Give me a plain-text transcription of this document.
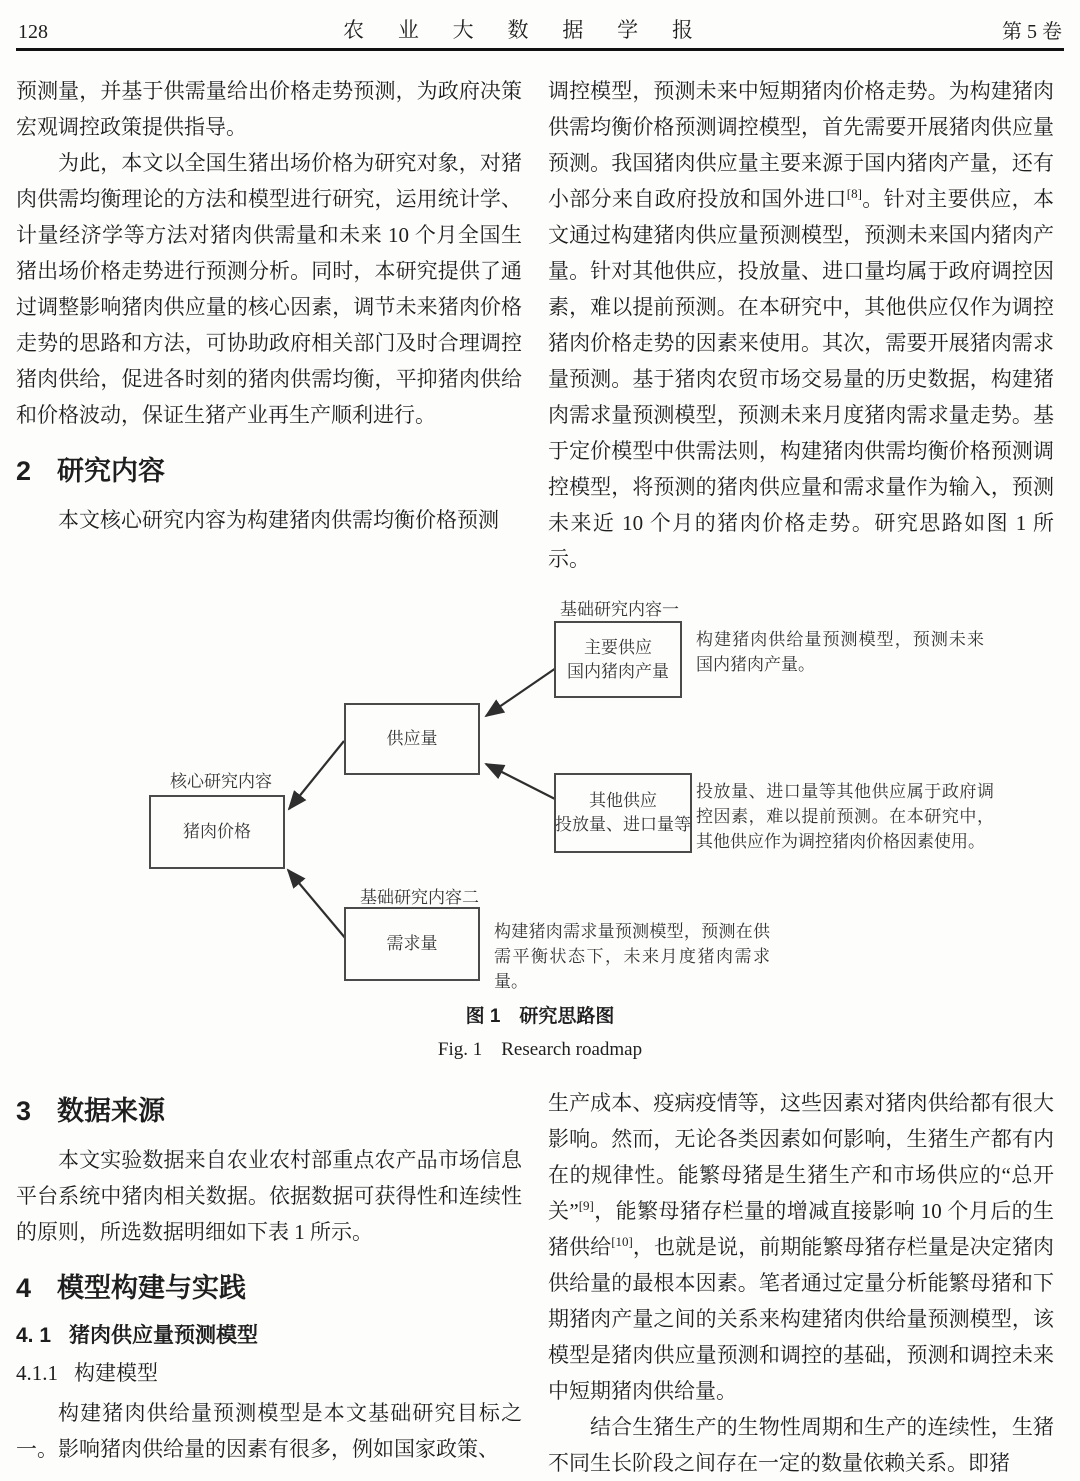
128	农 业 大 数 据 学 报	第 5 卷

预测量，并基于供需量给出价格走势预测，为政府决策宏观调控政策提供指导。

为此，本文以全国生猪出场价格为研究对象，对猪肉供需均衡理论的方法和模型进行研究，运用统计学、计量经济学等方法对猪肉供需量和未来 10 个月全国生猪出场价格走势进行预测分析。同时，本研究提供了通过调整影响猪肉供应量的核心因素，调节未来猪肉价格走势的思路和方法，可协助政府相关部门及时合理调控猪肉供给，促进各时刻的猪肉供需均衡，平抑猪肉供给和价格波动，保证生猪产业再生产顺利进行。

2 研究内容

本文核心研究内容为构建猪肉供需均衡价格预测

调控模型，预测未来中短期猪肉价格走势。为构建猪肉供需均衡价格预测调控模型，首先需要开展猪肉供应量预测。我国猪肉供应量主要来源于国内猪肉产量，还有小部分来自政府投放和国外进口[8]。针对主要供应，本文通过构建猪肉供应量预测模型，预测未来国内猪肉产量。针对其他供应，投放量、进口量均属于政府调控因素，难以提前预测。在本研究中，其他供应仅作为调控猪肉价格走势的因素来使用。其次，需要开展猪肉需求量预测。基于猪肉农贸市场交易量的历史数据，构建猪肉需求量预测模型，预测未来月度猪肉需求量走势。基于定价模型中供需法则，构建猪肉供需均衡价格预测调控模型，将预测的猪肉供应量和需求量作为输入，预测未来近 10 个月的猪肉价格走势。研究思路如图 1 所示。

基础研究内容一
主要供应
国内猪肉产量
构建猪肉供给量预测模型，预测未来国内猪肉产量。
供应量
核心研究内容
猪肉价格
其他供应
投放量、进口量等
投放量、进口量等其他供应属于政府调控因素，难以提前预测。在本研究中，其他供应作为调控猪肉价格因素使用。
基础研究内容二
需求量
构建猪肉需求量预测模型，预测在供需平衡状态下，未来月度猪肉需求量。
图 1　研究思路图
Fig. 1　Research roadmap
3 数据来源

本文实验数据来自农业农村部重点农产品市场信息平台系统中猪肉相关数据。依据数据可获得性和连续性的原则，所选数据明细如下表 1 所示。

4 模型构建与实践
4. 1 猪肉供应量预测模型
4.1.1 构建模型

构建猪肉供给量预测模型是本文基础研究目标之一。影响猪肉供给量的因素有很多，例如国家政策、

生产成本、疫病疫情等，这些因素对猪肉供给都有很大影响。然而，无论各类因素如何影响，生猪生产都有内在的规律性。能繁母猪是生猪生产和市场供应的“总开关”[9]，能繁母猪存栏量的增减直接影响 10 个月后的生猪供给[10]，也就是说，前期能繁母猪存栏量是决定猪肉供给量的最根本因素。笔者通过定量分析能繁母猪和下期猪肉产量之间的关系来构建猪肉供给量预测模型，该模型是猪肉供应量预测和调控的基础，预测和调控未来中短期猪肉供给量。

结合生猪生产的生物性周期和生产的连续性，生猪不同生长阶段之间存在一定的数量依赖关系。即猪
